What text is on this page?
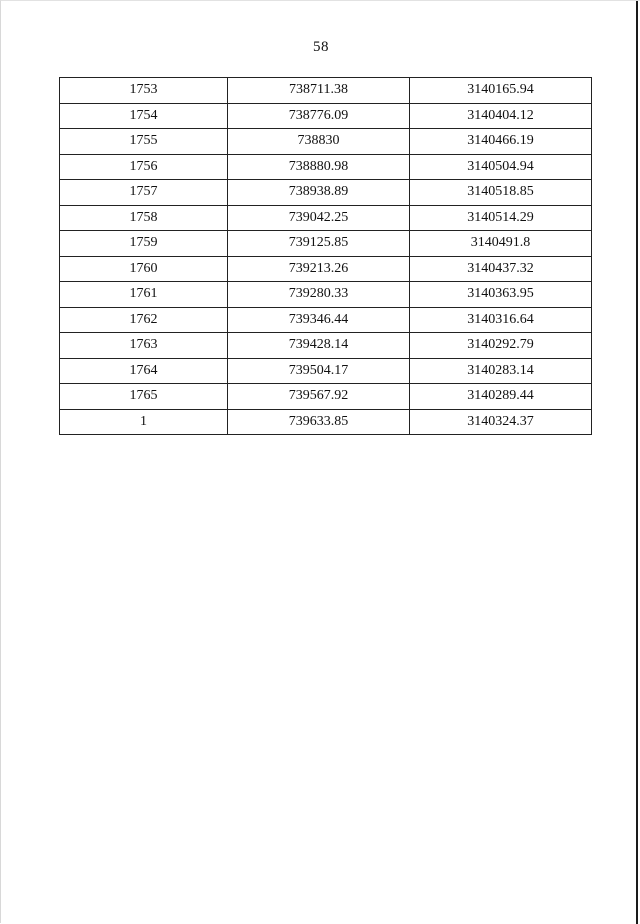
58
1753	738711.38	3140165.94
1754	738776.09	3140404.12
1755	738830	3140466.19
1756	738880.98	3140504.94
1757	738938.89	3140518.85
1758	739042.25	3140514.29
1759	739125.85	3140491.8
1760	739213.26	3140437.32
1761	739280.33	3140363.95
1762	739346.44	3140316.64
1763	739428.14	3140292.79
1764	739504.17	3140283.14
1765	739567.92	3140289.44
1	739633.85	3140324.37
